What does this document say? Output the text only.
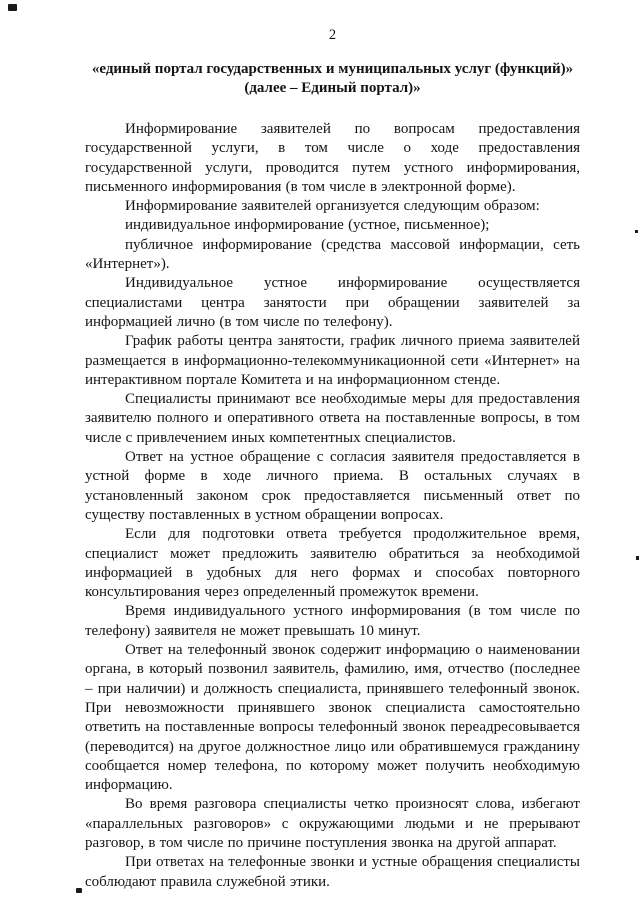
2
«единый портал государственных и муниципальных услуг (функций)»
(далее – Единый портал)»

Информирование заявителей по вопросам предоставления государственной услуги, в том числе о ходе предоставления государственной услуги, проводится путем устного информирования, письменного информирования (в том числе в электронной форме).

Информирование заявителей организуется следующим образом:

индивидуальное информирование (устное, письменное);

публичное информирование (средства массовой информации, сеть «Интернет»).

Индивидуальное устное информирование осуществляется специалистами центра занятости при обращении заявителей за информацией лично (в том числе по телефону).

График работы центра занятости, график личного приема заявителей размещается в информационно-телекоммуникационной сети «Интернет» на интерактивном портале Комитета и на информационном стенде.

Специалисты принимают все необходимые меры для предоставления заявителю полного и оперативного ответа на поставленные вопросы, в том числе с привлечением иных компетентных специалистов.

Ответ на устное обращение с согласия заявителя предоставляется в устной форме в ходе личного приема. В остальных случаях в установленный законом срок предоставляется письменный ответ по существу поставленных в устном обращении вопросах.

Если для подготовки ответа требуется продолжительное время, специалист может предложить заявителю обратиться за необходимой информацией в удобных для него формах и способах повторного консультирования через определенный промежуток времени.

Время индивидуального устного информирования (в том числе по телефону) заявителя не может превышать 10 минут.

Ответ на телефонный звонок содержит информацию о наименовании органа, в который позвонил заявитель, фамилию, имя, отчество (последнее – при наличии) и должность специалиста, принявшего телефонный звонок. При невозможности принявшего звонок специалиста самостоятельно ответить на поставленные вопросы телефонный звонок переадресовывается (переводится) на другое должностное лицо или обратившемуся гражданину сообщается номер телефона, по которому может получить необходимую информацию.

Во время разговора специалисты четко произносят слова, избегают «параллельных разговоров» с окружающими людьми и не прерывают разговор, в том числе по причине поступления звонка на другой аппарат.

При ответах на телефонные звонки и устные обращения специалисты соблюдают правила служебной этики.
